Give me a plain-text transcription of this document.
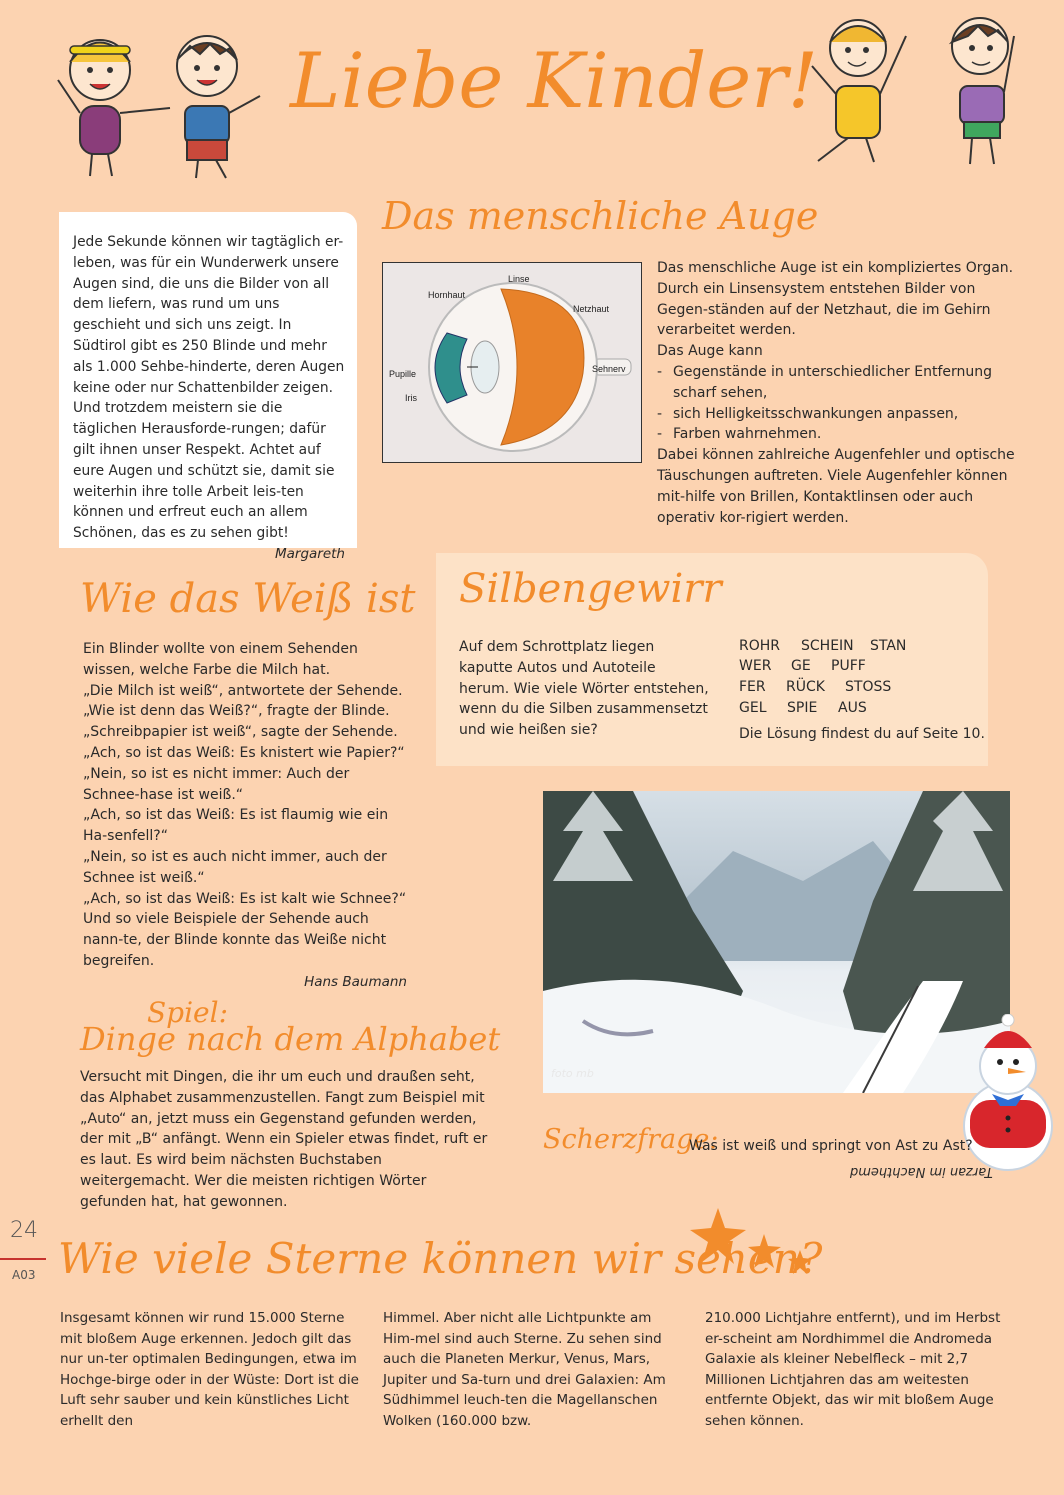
Liebe Kinder!

Jede Sekunde können wir tagtäglich er-leben, was für ein Wunderwerk unsere Augen sind, die uns die Bilder von all dem liefern, was rund um uns geschieht und sich uns zeigt. In Südtirol gibt es 250 Blinde und mehr als 1.000 Sehbe-hinderte, deren Augen keine oder nur Schattenbilder zeigen. Und trotzdem meistern sie die täglichen Herausforde-rungen; dafür gilt ihnen unser Respekt. Achtet auf eure Augen und schützt sie, damit sie weiterhin ihre tolle Arbeit leis-ten können und erfreut euch an allem Schönen, das es zu sehen gibt!

Margareth

Das menschliche Auge
Linse
Hornhaut
Netzhaut
Pupille
Iris
Sehnerv

Das menschliche Auge ist ein kompliziertes Organ. Durch ein Linsensystem entstehen Bilder von Gegen-ständen auf der Netzhaut, die im Gehirn verarbeitet werden.

Das Auge kann

- Gegenstände in unterschiedlicher Entfernung scharf sehen,
- sich Helligkeitsschwankungen anpassen,
- Farben wahrnehmen.

Dabei können zahlreiche Augenfehler und optische Täuschungen auftreten. Viele Augenfehler können mit-hilfe von Brillen, Kontaktlinsen oder auch operativ kor-rigiert werden.

Wie das Weiß ist

Ein Blinder wollte von einem Sehenden wissen, welche Farbe die Milch hat.

„Die Milch ist weiß“, antwortete der Sehende.

„Wie ist denn das Weiß?“, fragte der Blinde.

„Schreibpapier ist weiß“, sagte der Sehende.

„Ach, so ist das Weiß: Es knistert wie Papier?“

„Nein, so ist es nicht immer: Auch der Schnee-hase ist weiß.“

„Ach, so ist das Weiß: Es ist flaumig wie ein Ha-senfell?“

„Nein, so ist es auch nicht immer, auch der Schnee ist weiß.“

„Ach, so ist das Weiß: Es ist kalt wie Schnee?“

Und so viele Beispiele der Sehende auch nann-te, der Blinde konnte das Weiße nicht begreifen.

Hans Baumann

Silbengewirr
Auf dem Schrottplatz liegen kaputte Autos und Autoteile herum. Wie viele Wörter entstehen, wenn du die Silben zusammensetzt und wie heißen sie?
ROHR SCHEIN STAN
WER GE PUFF
FER RÜCK STOSS
GEL SPIE AUS
Die Lösung findest du auf Seite 10.
foto mb
Spiel:
Dinge nach dem Alphabet
Versucht mit Dingen, die ihr um euch und draußen seht, das Alphabet zusammenzustellen. Fangt zum Beispiel mit „Auto“ an, jetzt muss ein Gegenstand gefunden werden, der mit „B“ anfängt. Wenn ein Spieler etwas findet, ruft er es laut. Es wird beim nächsten Buchstaben weitergemacht. Wer die meisten richtigen Wörter gefunden hat, hat gewonnen.
Scherzfrage:
Was ist weiß und springt von Ast zu Ast?
Tarzan im Nachthemd
24
A03 Wie viele Sterne können wir sehen?
Insgesamt können wir rund 15.000 Sterne mit bloßem Auge erkennen. Jedoch gilt das nur un-ter optimalen Bedingungen, etwa im Hochge-birge oder in der Wüste: Dort ist die Luft sehr sauber und kein künstliches Licht erhellt den
Himmel. Aber nicht alle Lichtpunkte am Him-mel sind auch Sterne. Zu sehen sind auch die Planeten Merkur, Venus, Mars, Jupiter und Sa-turn und drei Galaxien: Am Südhimmel leuch-ten die Magellanschen Wolken (160.000 bzw.
210.000 Lichtjahre entfernt), und im Herbst er-scheint am Nordhimmel die Andromeda Galaxie als kleiner Nebelfleck – mit 2,7 Millionen Lichtjahren das am weitesten entfernte Objekt, das wir mit bloßem Auge sehen können.
